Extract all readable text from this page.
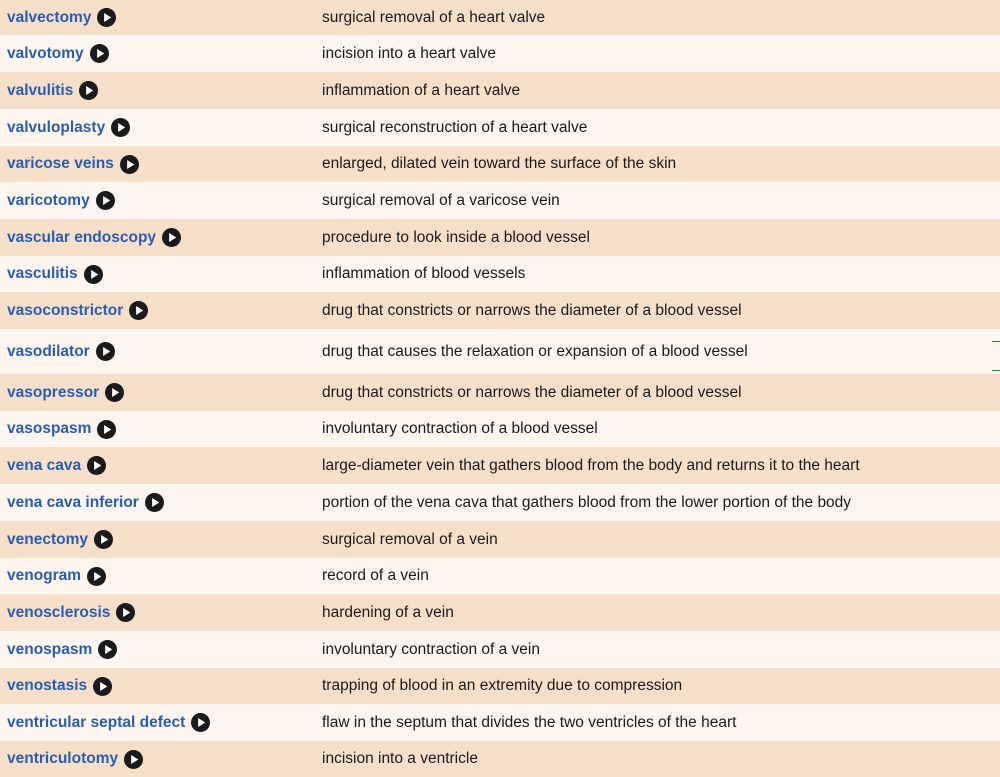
valvectomy	surgical removal of a heart valve
valvotomy	incision into a heart valve
valvulitis	inflammation of a heart valve
valvuloplasty	surgical reconstruction of a heart valve
varicose veins	enlarged, dilated vein toward the surface of the skin
varicotomy	surgical removal of a varicose vein
vascular endoscopy	procedure to look inside a blood vessel
vasculitis	inflammation of blood vessels
vasoconstrictor	drug that constricts or narrows the diameter of a blood vessel
vasodilator	drug that causes the relaxation or expansion of a blood vessel
vasopressor	drug that constricts or narrows the diameter of a blood vessel
vasospasm	involuntary contraction of a blood vessel
vena cava	large-diameter vein that gathers blood from the body and returns it to the heart
vena cava inferior	portion of the vena cava that gathers blood from the lower portion of the body
venectomy	surgical removal of a vein
venogram	record of a vein
venosclerosis	hardening of a vein
venospasm	involuntary contraction of a vein
venostasis	trapping of blood in an extremity due to compression
ventricular septal defect	flaw in the septum that divides the two ventricles of the heart
ventriculotomy	incision into a ventricle
